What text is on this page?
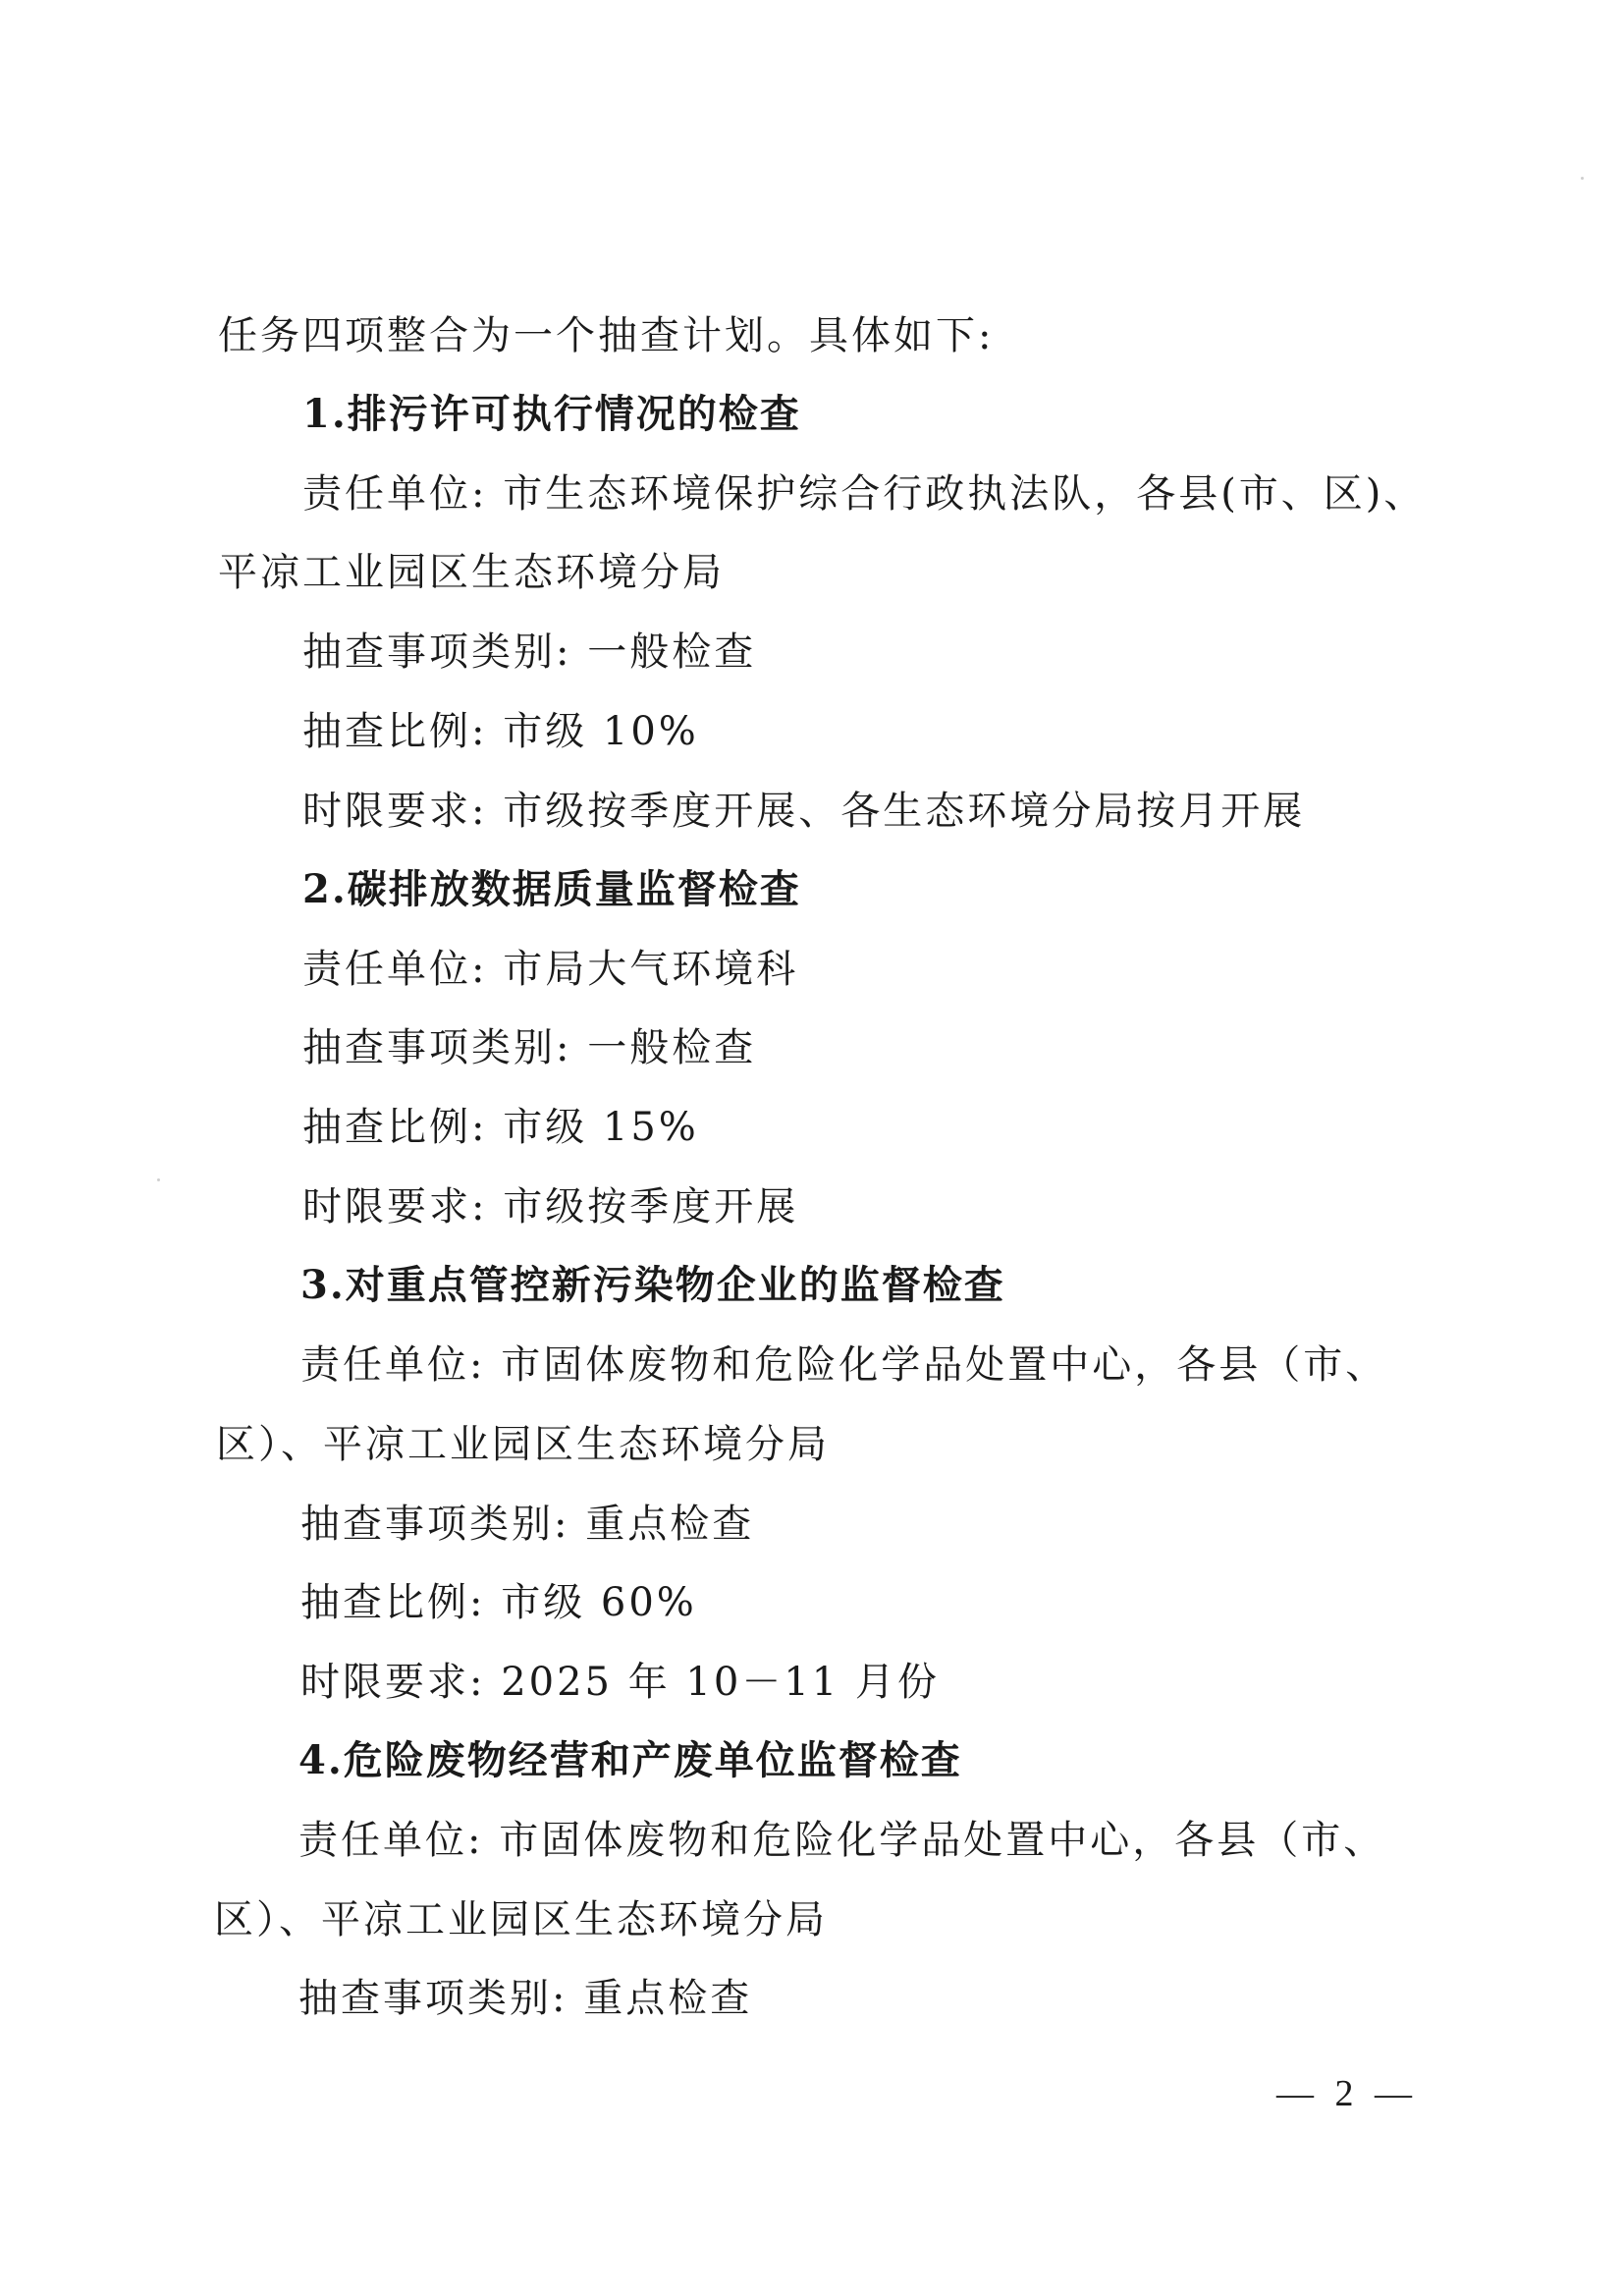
任务四项整合为一个抽查计划。具体如下:
1.排污许可执行情况的检查
责任单位: 市生态环境保护综合行政执法队，各县(市、区)、
平凉工业园区生态环境分局
抽查事项类别: 一般检查
抽查比例: 市级 10%
时限要求: 市级按季度开展、各生态环境分局按月开展
2.碳排放数据质量监督检查
责任单位: 市局大气环境科
抽查事项类别: 一般检查
抽查比例: 市级 15%
时限要求: 市级按季度开展
3.对重点管控新污染物企业的监督检查
责任单位: 市固体废物和危险化学品处置中心，各县（市、
区）、平凉工业园区生态环境分局
抽查事项类别: 重点检查
抽查比例: 市级 60%
时限要求: 2025 年 10－11 月份
4.危险废物经营和产废单位监督检查
责任单位: 市固体废物和危险化学品处置中心，各县（市、
区）、平凉工业园区生态环境分局
抽查事项类别: 重点检查
— 2 —
